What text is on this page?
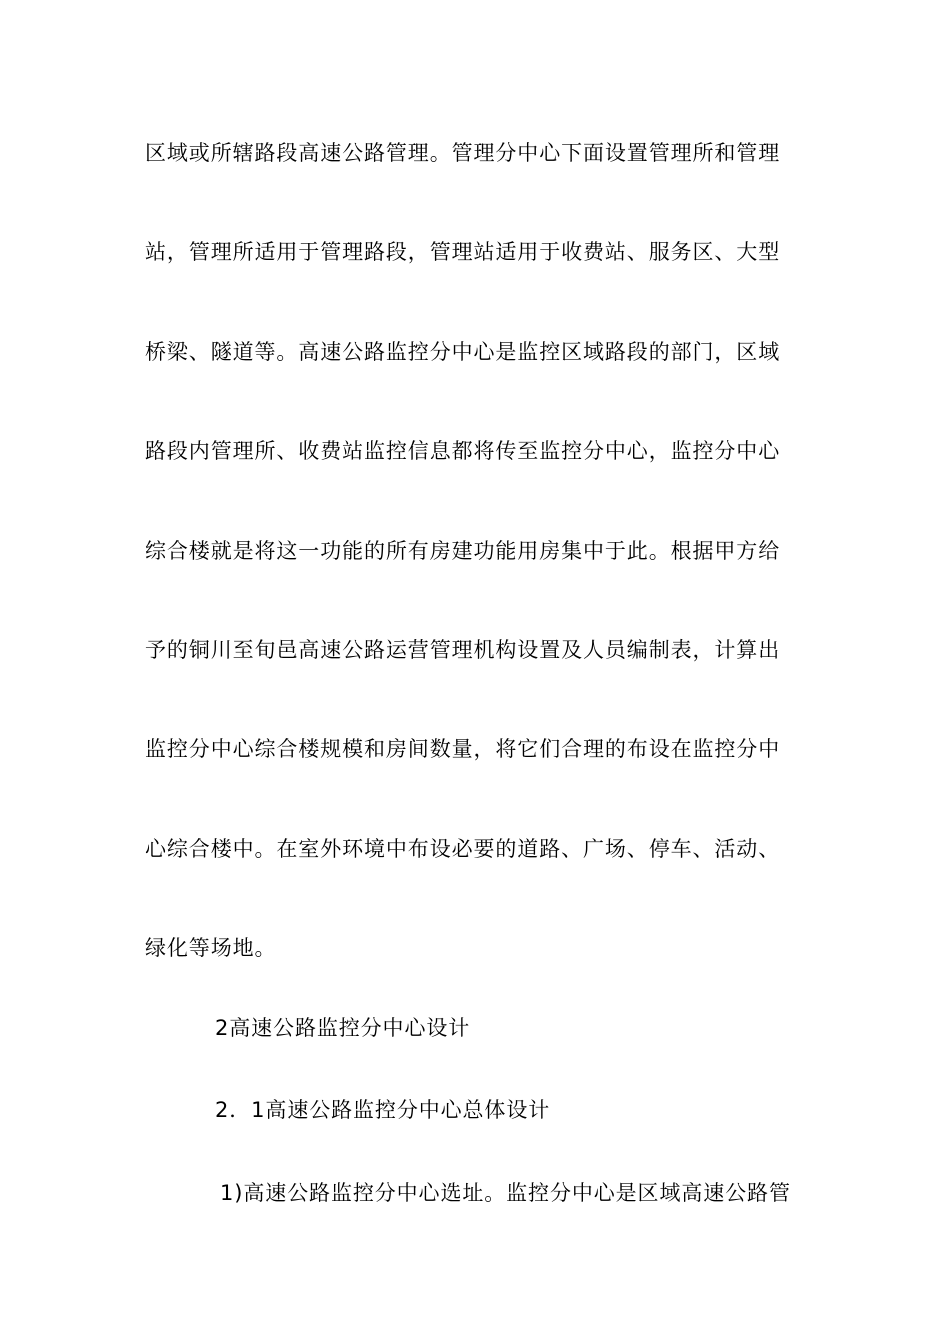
区域或所辖路段高速公路管理。管理分中心下面设置管理所和管理
站，管理所适用于管理路段，管理站适用于收费站、服务区、大型
桥梁、隧道等。高速公路监控分中心是监控区域路段的部门，区域
路段内管理所、收费站监控信息都将传至监控分中心，监控分中心
综合楼就是将这一功能的所有房建功能用房集中于此。根据甲方给
予的铜川至旬邑高速公路运营管理机构设置及人员编制表，计算出
监控分中心综合楼规模和房间数量，将它们合理的布设在监控分中
心综合楼中。在室外环境中布设必要的道路、广场、停车、活动、
绿化等场地。
2高速公路监控分中心设计
2．1高速公路监控分中心总体设计
1)高速公路监控分中心选址。监控分中心是区域高速公路管
